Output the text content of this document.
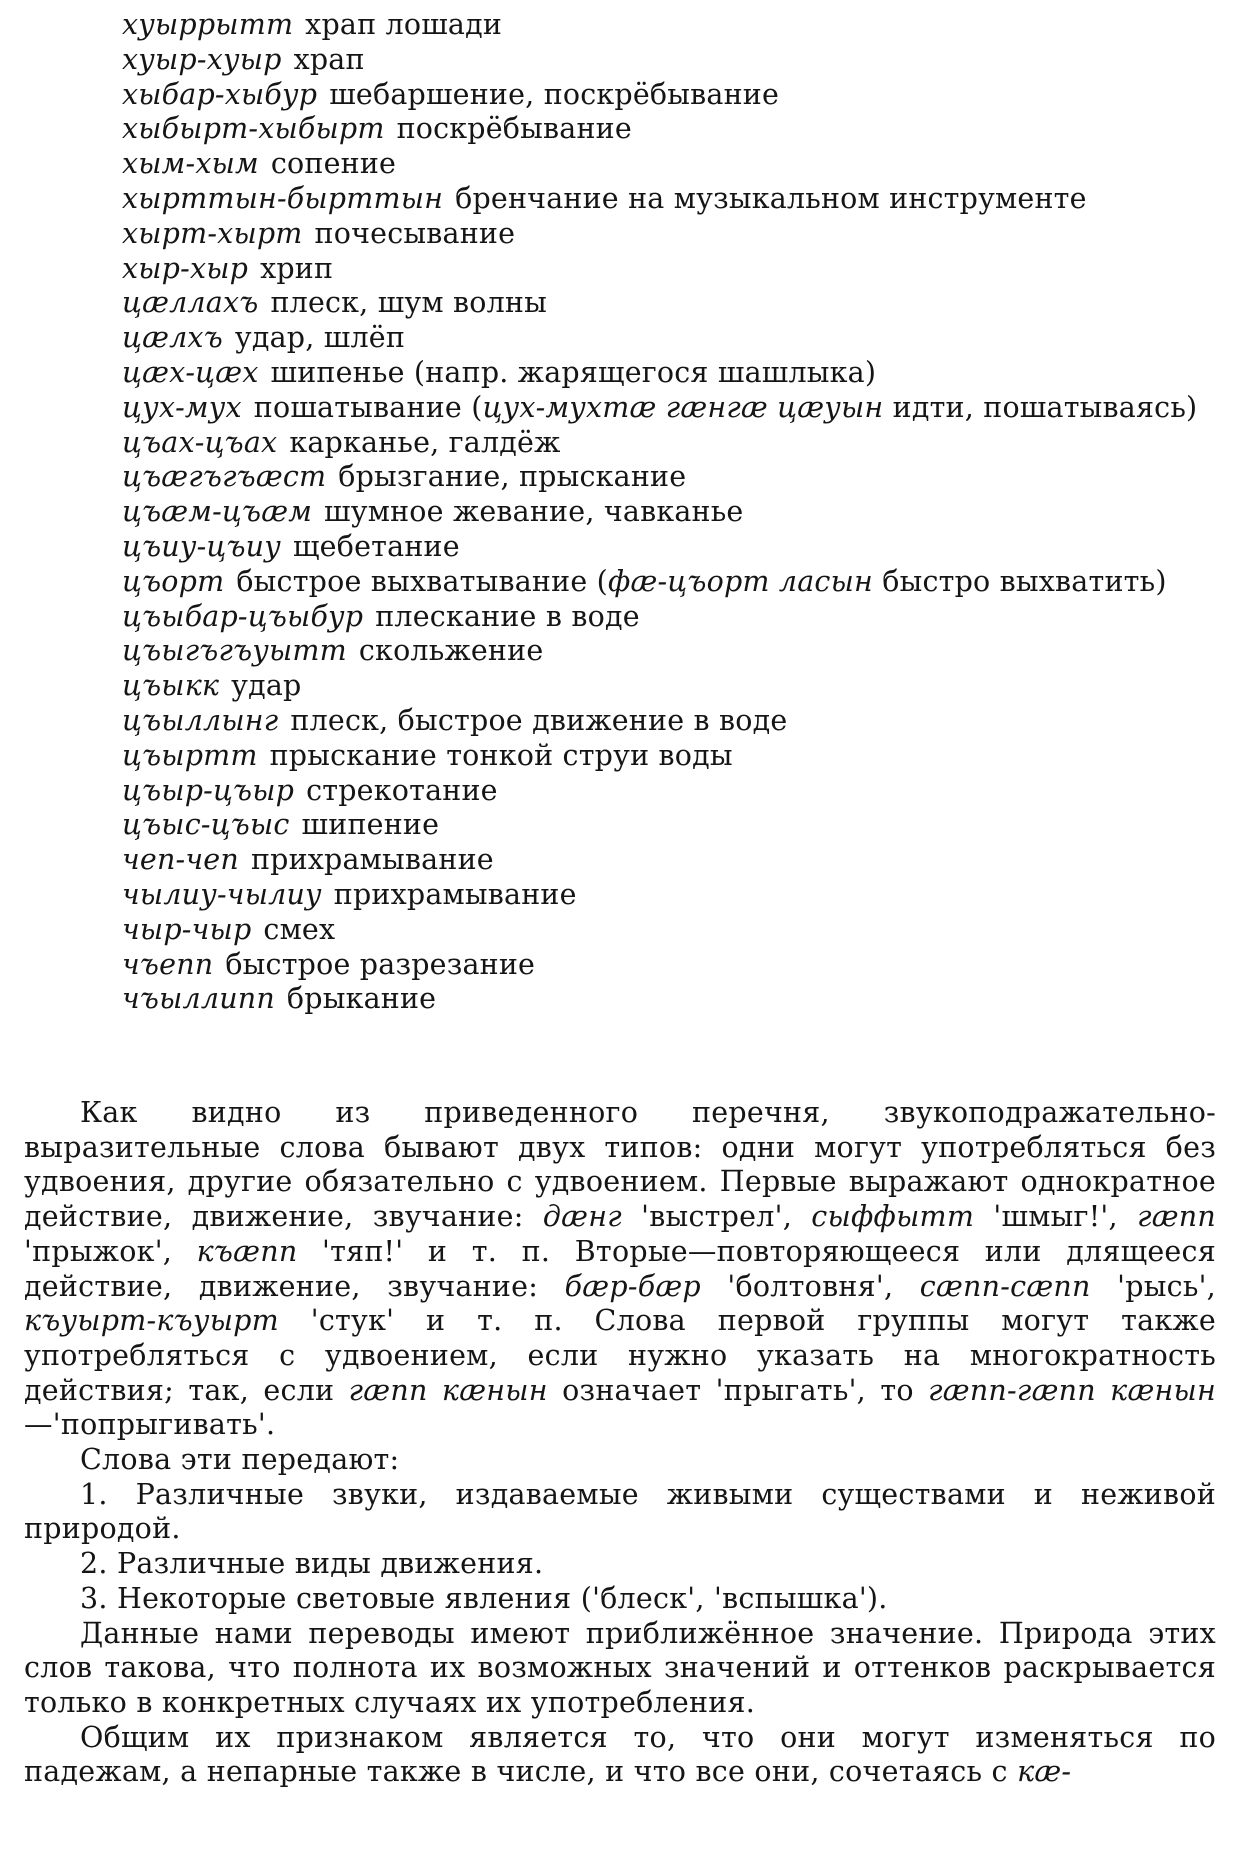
хуыррытт храп лошади
хуыр-хуыр храп
хыбар-хыбур шебаршение, поскрёбывание
хыбырт-хыбырт поскрёбывание
хым-хым сопение
хырттын-бырттын бренчание на музыкальном инструменте
хырт-хырт почесывание
хыр-хыр хрип
цæллахъ плеск, шум волны
цæлхъ удар, шлёп
цæх-цæх шипенье (напр. жарящегося шашлыка)
цух-мух пошатывание (цух-мухтæ гæнгæ цæуын идти, пошатываясь)
цъах-цъах карканье, галдёж
цъæгъгъæст брызгание, прыскание
цъæм-цъæм шумное жевание, чавканье
цъиу-цъиу щебетание
цъорт быстрое выхватывание (фæ-цъорт ласын быстро выхватить)
цъыбар-цъыбур плескание в воде
цъыгъгъуытт скольжение
цъыкк удар
цъыллынг плеск, быстрое движение в воде
цъыртт прыскание тонкой струи воды
цъыр-цъыр стрекотание
цъыс-цъыс шипение
чеп-чеп прихрамывание
чылиу-чылиу прихрамывание
чыр-чыр смех
чъепп быстрое разрезание
чъыллипп брыкание
Как видно из приведенного перечня, звукоподражательно-выразительные слова бывают двух типов: одни могут употребляться без удвоения, другие обязательно с удвоением. Первые выражают однократное действие, движение, звучание: дæнг 'выстрел', сыффытт 'шмыг!', гæпп 'прыжок', къæпп 'тяп!' и т. п. Вторые—повторяющееся или длящееся действие, движение, звучание: бæр-бæр 'болтовня', сæпп-сæпп 'рысь', къуырт-къуырт 'стук' и т. п. Слова первой группы могут также употребляться с удвоением, если нужно указать на многократность действия; так, если гæпп кæнын означает 'прыгать', то гæпп-гæпп кæнын—'попрыгивать'.
Слова эти передают:
1. Различные звуки, издаваемые живыми существами и неживой природой.
2. Различные виды движения.
3. Некоторые световые явления ('блеск', 'вспышка').
Данные нами переводы имеют приближённое значение. Природа этих слов такова, что полнота их возможных значений и оттенков раскрывается только в конкретных случаях их употребления.
Общим их признаком является то, что они могут изменяться по падежам, а непарные также в числе, и что все они, сочетаясь с кæ-
